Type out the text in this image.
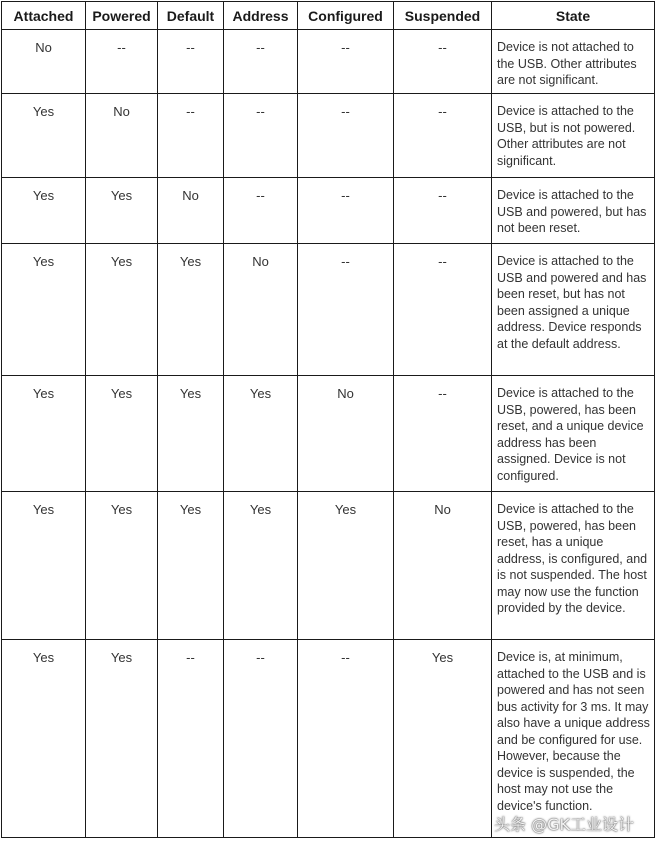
Attached	Powered	Default	Address	Configured	Suspended	State
No	--	--	--	--	--	Device is not attached to the USB. Other attributes are not significant.
Yes	No	--	--	--	--	Device is attached to the USB, but is not powered. Other attributes are not significant.
Yes	Yes	No	--	--	--	Device is attached to the USB and powered, but has not been reset.
Yes	Yes	Yes	No	--	--	Device is attached to the USB and powered and has been reset, but has not been assigned a unique address. Device responds at the default address.
Yes	Yes	Yes	Yes	No	--	Device is attached to the USB, powered, has been reset, and a unique device address has been assigned. Device is not configured.
Yes	Yes	Yes	Yes	Yes	No	Device is attached to the USB, powered, has been reset, has a unique address, is configured, and is not suspended. The host may now use the function provided by the device.
Yes	Yes	--	--	--	Yes	Device is, at minimum, attached to the USB and is powered and has not seen bus activity for 3 ms. It may also have a unique address and be configured for use. However, because the device is suspended, the host may not use the device's function.
头条 @GK工业设计
